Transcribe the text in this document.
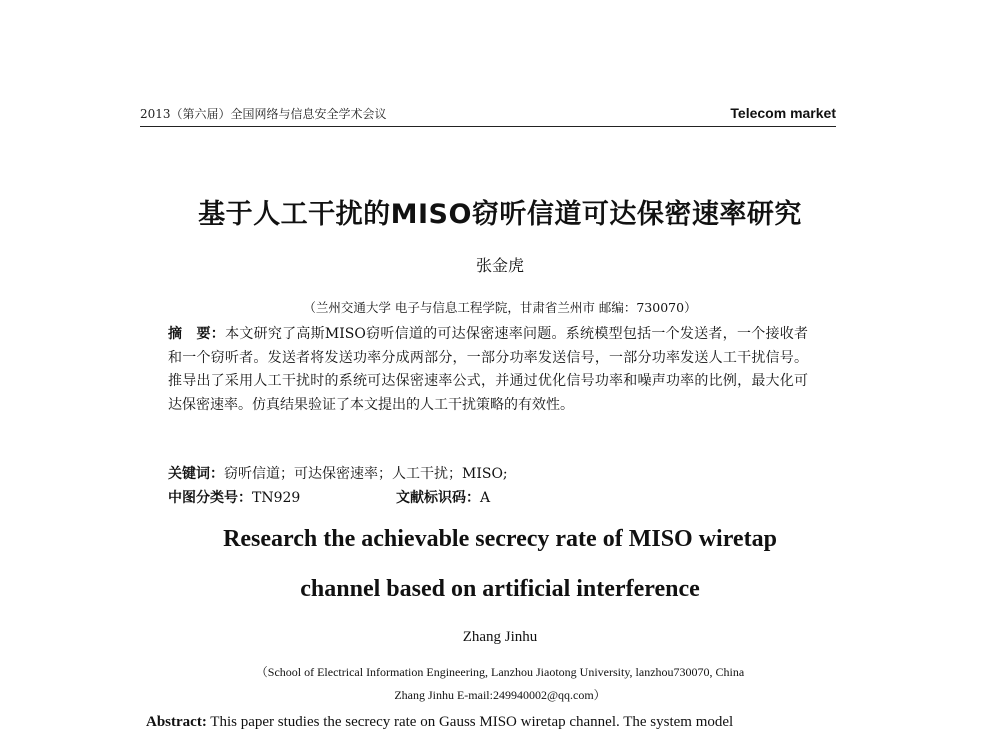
2013（第六届）全国网络与信息安全学术会议	Telecom market
基于人工干扰的MISO窃听信道可达保密速率研究
张金虎
（兰州交通大学 电子与信息工程学院，甘肃省兰州市 邮编：730070）
摘　要：本文研究了高斯MISO窃听信道的可达保密速率问题。系统模型包括一个发送者，一个接收者和一个窃听者。发送者将发送功率分成两部分，一部分功率发送信号，一部分功率发送人工干扰信号。推导出了采用人工干扰时的系统可达保密速率公式，并通过优化信号功率和噪声功率的比例，最大化可达保密速率。仿真结果验证了本文提出的人工干扰策略的有效性。
关键词：窃听信道；可达保密速率；人工干扰；MISO;
中图分类号：TN929	文献标识码：A
Research the achievable secrecy rate of MISO wiretap
channel based on artificial interference
Zhang Jinhu
（School of Electrical Information Engineering, Lanzhou Jiaotong University, lanzhou730070, China
Zhang Jinhu E-mail:249940002@qq.com）
Abstract: This paper studies the secrecy rate on Gauss MISO wiretap channel. The system model
